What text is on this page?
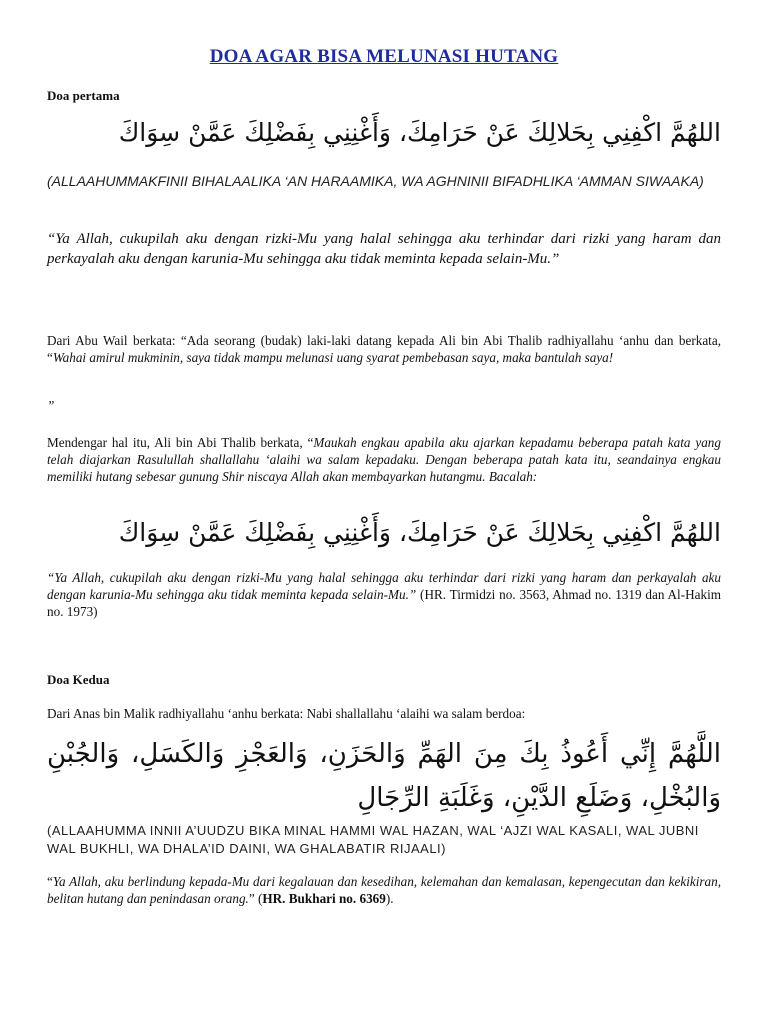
DOA AGAR BISA MELUNASI HUTANG
Doa pertama
اللهُمَّ اكْفِنِي بِحَلالِكَ عَنْ حَرَامِكَ، وَأَغْنِنِي بِفَضْلِكَ عَمَّنْ سِوَاكَ
(ALLAAHUMMAKFINII BIHALAALIKA ‘AN HARAAMIKA, WA AGHNINII BIFADHLIKA ‘AMMAN SIWAAKA)
“Ya Allah, cukupilah aku dengan rizki-Mu yang halal sehingga aku terhindar dari rizki yang haram dan perkayalah aku dengan karunia-Mu sehingga aku tidak meminta kepada selain-Mu.”
Dari Abu Wail berkata: “Ada seorang (budak) laki-laki datang kepada Ali bin Abi Thalib radhiyallahu ‘anhu dan berkata, “Wahai amirul mukminin, saya tidak mampu melunasi uang syarat pembebasan saya, maka bantulah saya!
”
Mendengar hal itu, Ali bin Abi Thalib berkata, “Maukah engkau apabila aku ajarkan kepadamu beberapa patah kata yang telah diajarkan Rasulullah shallallahu ‘alaihi wa salam kepadaku. Dengan beberapa patah kata itu, seandainya engkau memiliki hutang sebesar gunung Shir niscaya Allah akan membayarkan hutangmu. Bacalah:
اللهُمَّ اكْفِنِي بِحَلالِكَ عَنْ حَرَامِكَ، وَأَغْنِنِي بِفَضْلِكَ عَمَّنْ سِوَاكَ
“Ya Allah, cukupilah aku dengan rizki-Mu yang halal sehingga aku terhindar dari rizki yang haram dan perkayalah aku dengan karunia-Mu sehingga aku tidak meminta kepada selain-Mu.” (HR. Tirmidzi no. 3563, Ahmad no. 1319 dan Al-Hakim no. 1973)
Doa Kedua
Dari Anas bin Malik radhiyallahu ‘anhu berkata: Nabi shallallahu ‘alaihi wa salam berdoa:
اللَّهُمَّ إِنِّي أَعُوذُ بِكَ مِنَ الهَمِّ وَالحَزَنِ، وَالعَجْزِ وَالكَسَلِ، وَالجُبْنِ وَالبُخْلِ، وَضَلَعِ الدَّيْنِ، وَغَلَبَةِ الرِّجَالِ
(ALLAAHUMMA INNII A’UUDZU BIKA MINAL HAMMI WAL HAZAN, WAL ‘AJZI WAL KASALI, WAL JUBNI WAL BUKHLI, WA DHALA’ID DAINI, WA GHALABATIR RIJAALI)
“Ya Allah, aku berlindung kepada-Mu dari kegalauan dan kesedihan, kelemahan dan kemalasan, kepengecutan dan kekikiran, belitan hutang dan penindasan orang.” (HR. Bukhari no. 6369).
